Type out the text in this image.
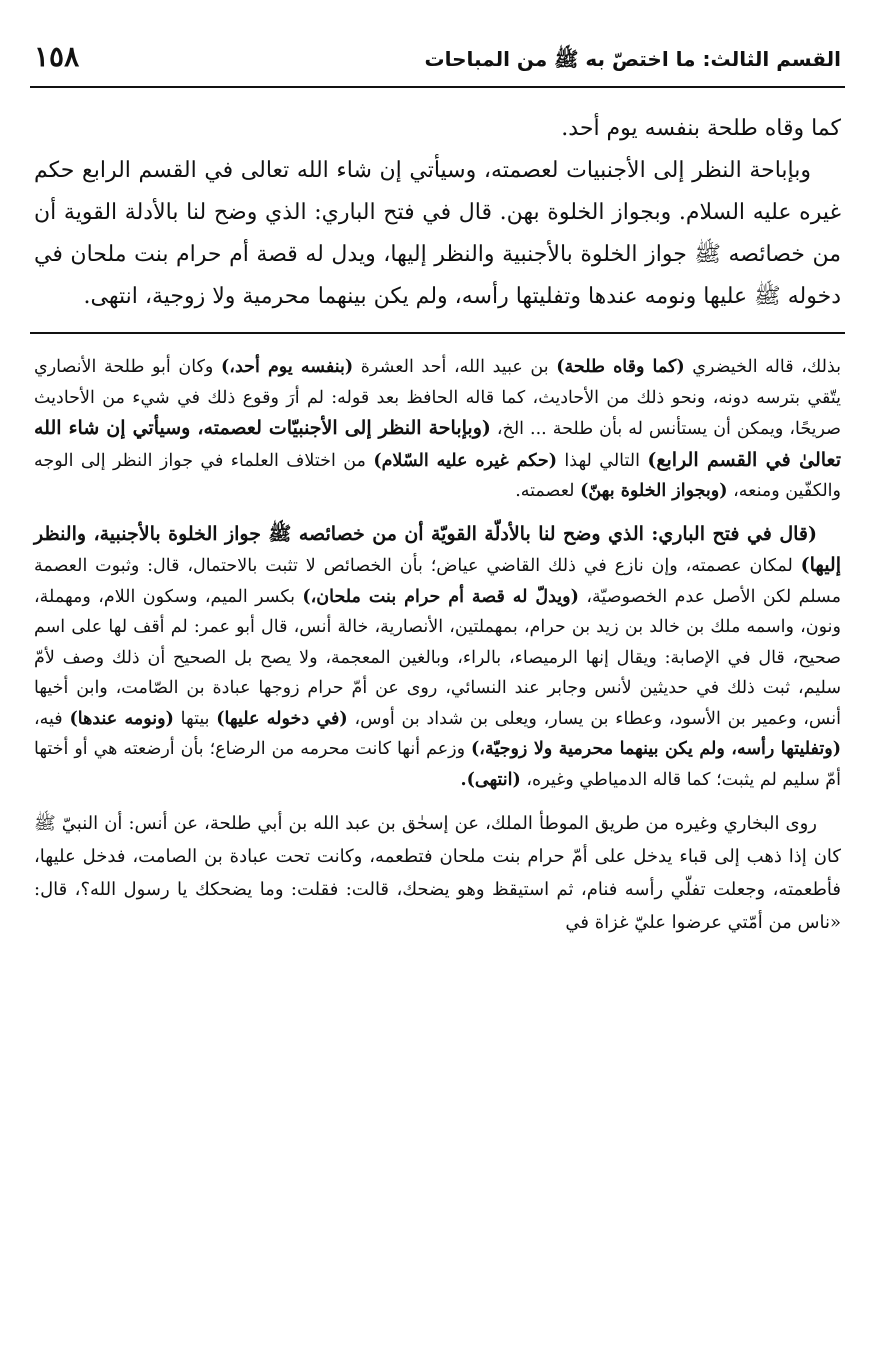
القسم الثالث: ما اختصّ به ﷺ من المباحات
١٥٨

كما وقاه طلحة بنفسه يوم أحد.

وبإباحة النظر إلى الأجنبيات لعصمته، وسيأتي إن شاء الله تعالى في القسم الرابع حكم غيره عليه السلام. وبجواز الخلوة بهن. قال في فتح الباري: الذي وضح لنا بالأدلة القوية أن من خصائصه ﷺ جواز الخلوة بالأجنبية والنظر إليها، ويدل له قصة أم حرام بنت ملحان في دخوله ﷺ عليها ونومه عندها وتفليتها رأسه، ولم يكن بينهما محرمية ولا زوجية، انتهى.

بذلك، قاله الخيضري (كما وقاه طلحة) بن عبيد الله، أحد العشرة (بنفسه يوم أحد،) وكان أبو طلحة الأنصاري يتّقي بترسه دونه، ونحو ذلك من الأحاديث، كما قاله الحافظ بعد قوله: لم أرَ وقوع ذلك في شيء من الأحاديث صريحًا، ويمكن أن يستأنس له بأن طلحة ... الخ، (وبإباحة النظر إلى الأجنبيّات لعصمته، وسيأتي إن شاء الله تعالىٰ في القسم الرابع) التالي لهذا (حكم غيره عليه السّلام) من اختلاف العلماء في جواز النظر إلى الوجه والكفّين ومنعه، (وبجواز الخلوة بهنّ) لعصمته.

(قال في فتح الباري: الذي وضح لنا بالأدلّة القويّة أن من خصائصه ﷺ جواز الخلوة بالأجنبية، والنظر إليها) لمكان عصمته، وإن نازع في ذلك القاضي عياض؛ بأن الخصائص لا تثبت بالاحتمال، قال: وثبوت العصمة مسلم لكن الأصل عدم الخصوصيّة، (ويدلّ له قصة أم حرام بنت ملحان،) بكسر الميم، وسكون اللام، ومهملة، ونون، واسمه ملك بن خالد بن زيد بن حرام، بمهملتين، الأنصارية، خالة أنس، قال أبو عمر: لم أقف لها على اسم صحيح، قال في الإصابة: ويقال إنها الرميصاء، بالراء، وبالغين المعجمة، ولا يصح بل الصحيح أن ذلك وصف لأمّ سليم، ثبت ذلك في حديثين لأنس وجابر عند النسائي، روى عن أمّ حرام زوجها عبادة بن الصّامت، وابن أخيها أنس، وعمير بن الأسود، وعطاء بن يسار، ويعلى بن شداد بن أوس، (في دخوله عليها) بيتها (ونومه عندها) فيه، (وتفليتها رأسه، ولم يكن بينهما محرمية ولا زوجيّة،) وزعم أنها كانت محرمه من الرضاع؛ بأن أرضعته هي أو أختها أمّ سليم لم يثبت؛ كما قاله الدمياطي وغيره، (انتهى).

روى البخاري وغيره من طريق الموطأ الملك، عن إسحٰق بن عبد الله بن أبي طلحة، عن أنس: أن النبيّ ﷺ كان إذا ذهب إلى قباء يدخل على أمّ حرام بنت ملحان فتطعمه، وكانت تحت عبادة بن الصامت، فدخل عليها، فأطعمته، وجعلت تفلّي رأسه فنام، ثم استيقظ وهو يضحك، قالت: فقلت: وما يضحكك يا رسول الله؟، قال: «ناس من أمّتي عرضوا عليّ غزاة في
